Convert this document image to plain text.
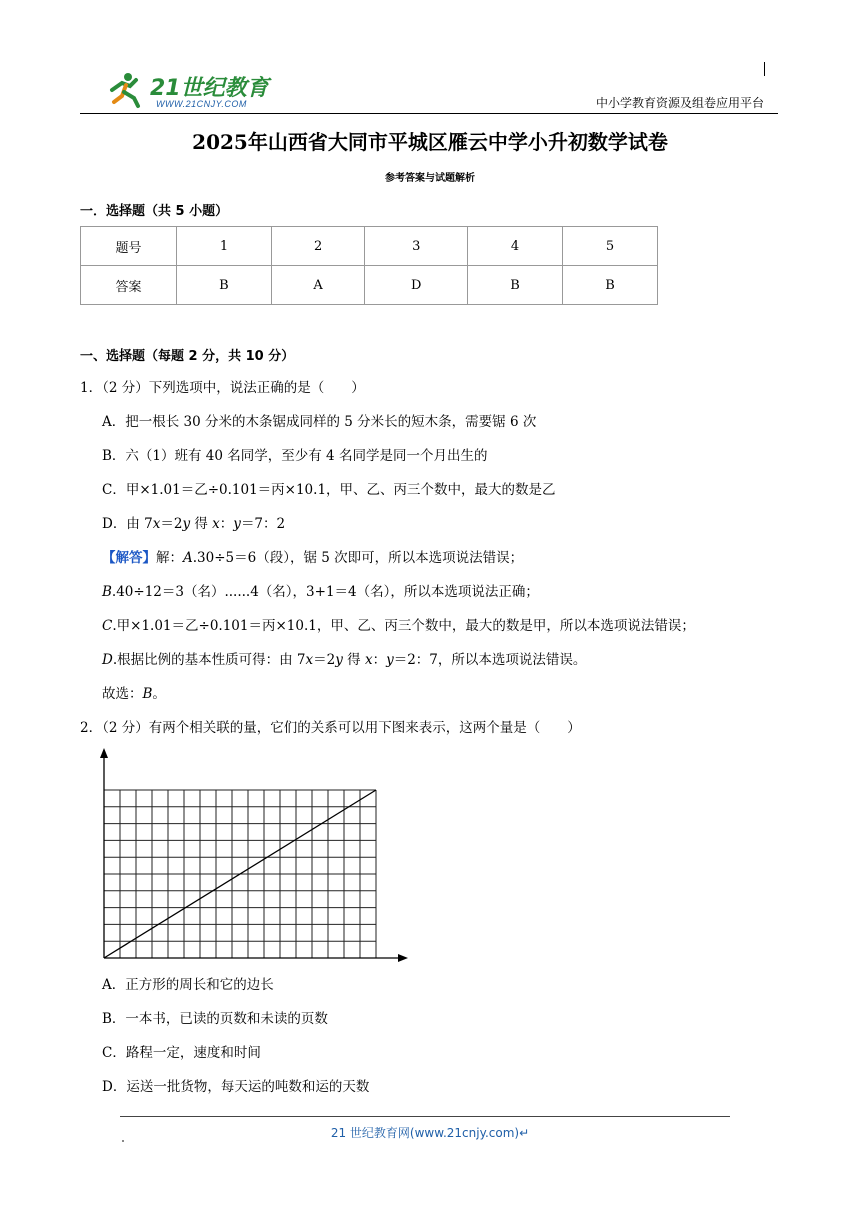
21世纪教育
WWW.21CNJY.COM	中小学教育资源及组卷应用平台
2025年山西省大同市平城区雁云中学小升初数学试卷
参考答案与试题解析
一．选择题（共 5 小题）
题号	1	2	3	4	5
答案	B	A	D	B	B
一、选择题（每题 2 分，共 10 分）
1．（2 分）下列选项中，说法正确的是（　　）
A．把一根长 30 分米的木条锯成同样的 5 分米长的短木条，需要锯 6 次
B．六（1）班有 40 名同学，至少有 4 名同学是同一个月出生的
C．甲×1.01＝乙÷0.101＝丙×10.1，甲、乙、丙三个数中，最大的数是乙
D．由 7x＝2y 得 x：y＝7：2
【解答】解：A.30÷5＝6（段），锯 5 次即可，所以本选项说法错误；
B.40÷12＝3（名）......4（名），3+1＝4（名），所以本选项说法正确；
C.甲×1.01＝乙÷0.101＝丙×10.1，甲、乙、丙三个数中，最大的数是甲，所以本选项说法错误；
D.根据比例的基本性质可得：由 7x＝2y 得 x：y＝2：7，所以本选项说法错误。
故选：B。
2．（2 分）有两个相关联的量，它们的关系可以用下图来表示，这两个量是（　　）
A．正方形的周长和它的边长
B．一本书，已读的页数和未读的页数
C．路程一定，速度和时间
D．运送一批货物，每天运的吨数和运的天数
21 世纪教育网(www.21cnjy.com)↵
